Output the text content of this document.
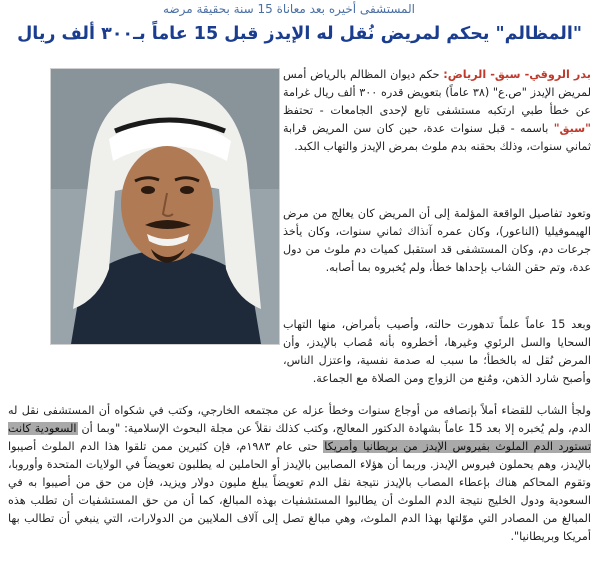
المستشفى أخيره بعد معاناة 15 سنة بحقيقة مرضه
"المظالم" يحكم لمريض نُقل له الإيدز قبل 15 عاماً بـ٣٠٠ ألف ريال
بدر الروقي- سبق- الرياض: حكم ديوان المظالم بالرياض أمس لمريض الإيدز "ص.ع" (٣٨ عاماً) بتعويض قدره ٣٠٠ ألف ريال غرامة عن خطأ طبي ارتكبه مستشفى تابع لإحدى الجامعات - تحتفظ "سبق" باسمه - قبل سنوات عدة، حين كان سن المريض قرابة ثماني سنوات، وذلك بحقنه بدم ملوث بمرض الإيدز والتهاب الكبد.
وتعود تفاصيل الواقعة المؤلمة إلى أن المريض كان يعالج من مرض الهيموفيليا (الناعور)، وكان عمره آنذاك ثماني سنوات، وكان يأخذ جرعات دم، وكان المستشفى قد استقبل كميات دم ملوث من دول عدة، وتم حقن الشاب بإحداها خطأ، ولم يُخبروه بما أصابه.
وبعد 15 عاماً علماً تدهورت حالته، وأصيب بأمراض، منها التهاب السحايا والسل الرئوي وغيرها، أخطروه بأنه مُصاب بالإيدز، وأن المرض نُقل له بالخطأ؛ ما سبب له صدمة نفسية، واعتزل الناس، وأصبح شارد الذهن، ومُنع من الزواج ومن الصلاة مع الجماعة.
ولجأ الشاب للقضاء أملاً بإنصافه من أوجاع سنوات وخطأ عزله عن مجتمعه الخارجي، وكتب في شكواه أن المستشفى نقل له الدم، ولم يُخبره إلا بعد 15 عاماً بشهادة الدكتور المعالج، وكتب كذلك نقلاً عن مجلة البحوث الإسلامية: "وبما أن السعودية كانت تستورد الدم الملوث بفيروس الإيدز من بريطانيا وأمريكا حتى عام ١٩٨٣م، فإن كثيرين ممن تلقوا هذا الدم الملوث أصيبوا بالإيدز، وهم يحملون فيروس الإيدز. وربما أن هؤلاء المصابين بالإيدز أو الحاملين له يطلبون تعويضاً في الولايات المتحدة وأوروبا، وتقوم المحاكم هناك بإعطاء المصاب بالإيدز نتيجة نقل الدم تعويضاً يبلغ مليون دولار ويزيد، فإن من حق من أصيبوا به في السعودية ودول الخليج نتيجة الدم الملوث أن يطالبوا المستشفيات بهذه المبالغ، كما أن من حق المستشفيات أن تطلب هذه المبالغ من المصادر التي موّلتها بهذا الدم الملوث، وهي مبالغ تصل إلى آلاف الملايين من الدولارات، التي ينبغي أن تطالب بها أمريكا وبريطانيا".
